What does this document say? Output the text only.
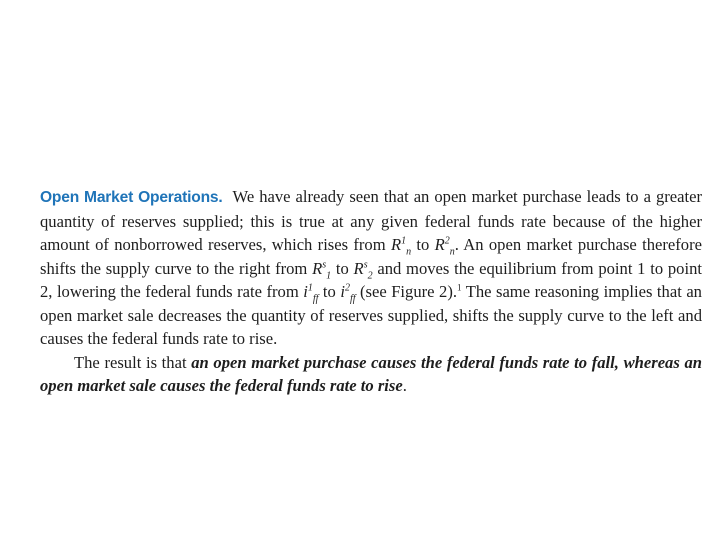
Open Market Operations. We have already seen that an open market purchase leads to a greater quantity of reserves supplied; this is true at any given federal funds rate because of the higher amount of nonborrowed reserves, which rises from $R^1_n$ to $R^2_n$. An open market purchase therefore shifts the supply curve to the right from $R^s_1$ to $R^s_2$ and moves the equilibrium from point 1 to point 2, lowering the federal funds rate from $i^1_{ff}$ to $i^2_{ff}$ (see Figure 2).$^1$ The same reasoning implies that an open market sale decreases the quantity of reserves supplied, shifts the supply curve to the left and causes the federal funds rate to rise.

The result is that an open market purchase causes the federal funds rate to fall, whereas an open market sale causes the federal funds rate to rise.
